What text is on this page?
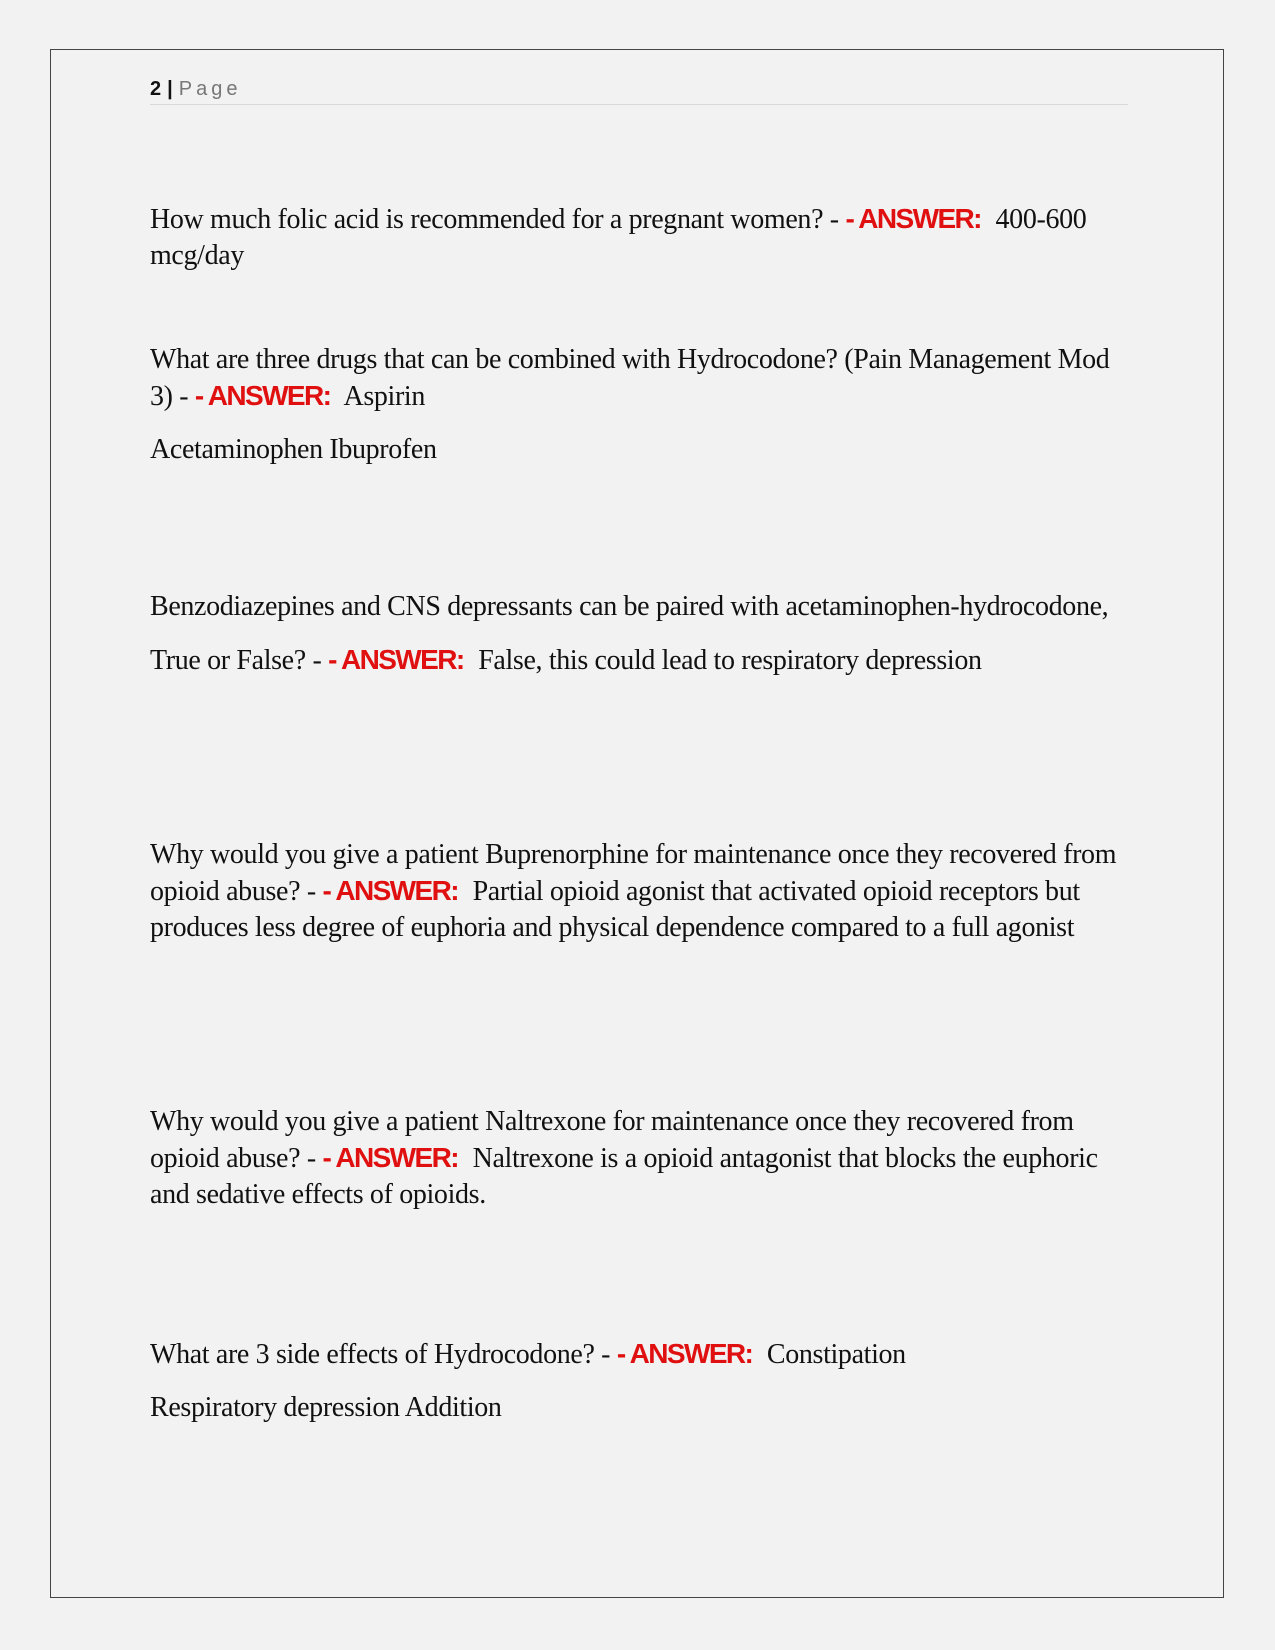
2 | Page

How much folic acid is recommended for a pregnant women? - - ANSWER: 400-600 mcg/day

What are three drugs that can be combined with Hydrocodone? (Pain Management Mod 3) - - ANSWER: Aspirin

Acetaminophen Ibuprofen

Benzodiazepines and CNS depressants can be paired with acetaminophen-hydrocodone,

True or False? - - ANSWER: False, this could lead to respiratory depression

Why would you give a patient Buprenorphine for maintenance once they recovered from opioid abuse? - - ANSWER: Partial opioid agonist that activated opioid receptors but produces less degree of euphoria and physical dependence compared to a full agonist

Why would you give a patient Naltrexone for maintenance once they recovered from opioid abuse? - - ANSWER: Naltrexone is a opioid antagonist that blocks the euphoric and sedative effects of opioids.

What are 3 side effects of Hydrocodone? - - ANSWER: Constipation

Respiratory depression Addition
